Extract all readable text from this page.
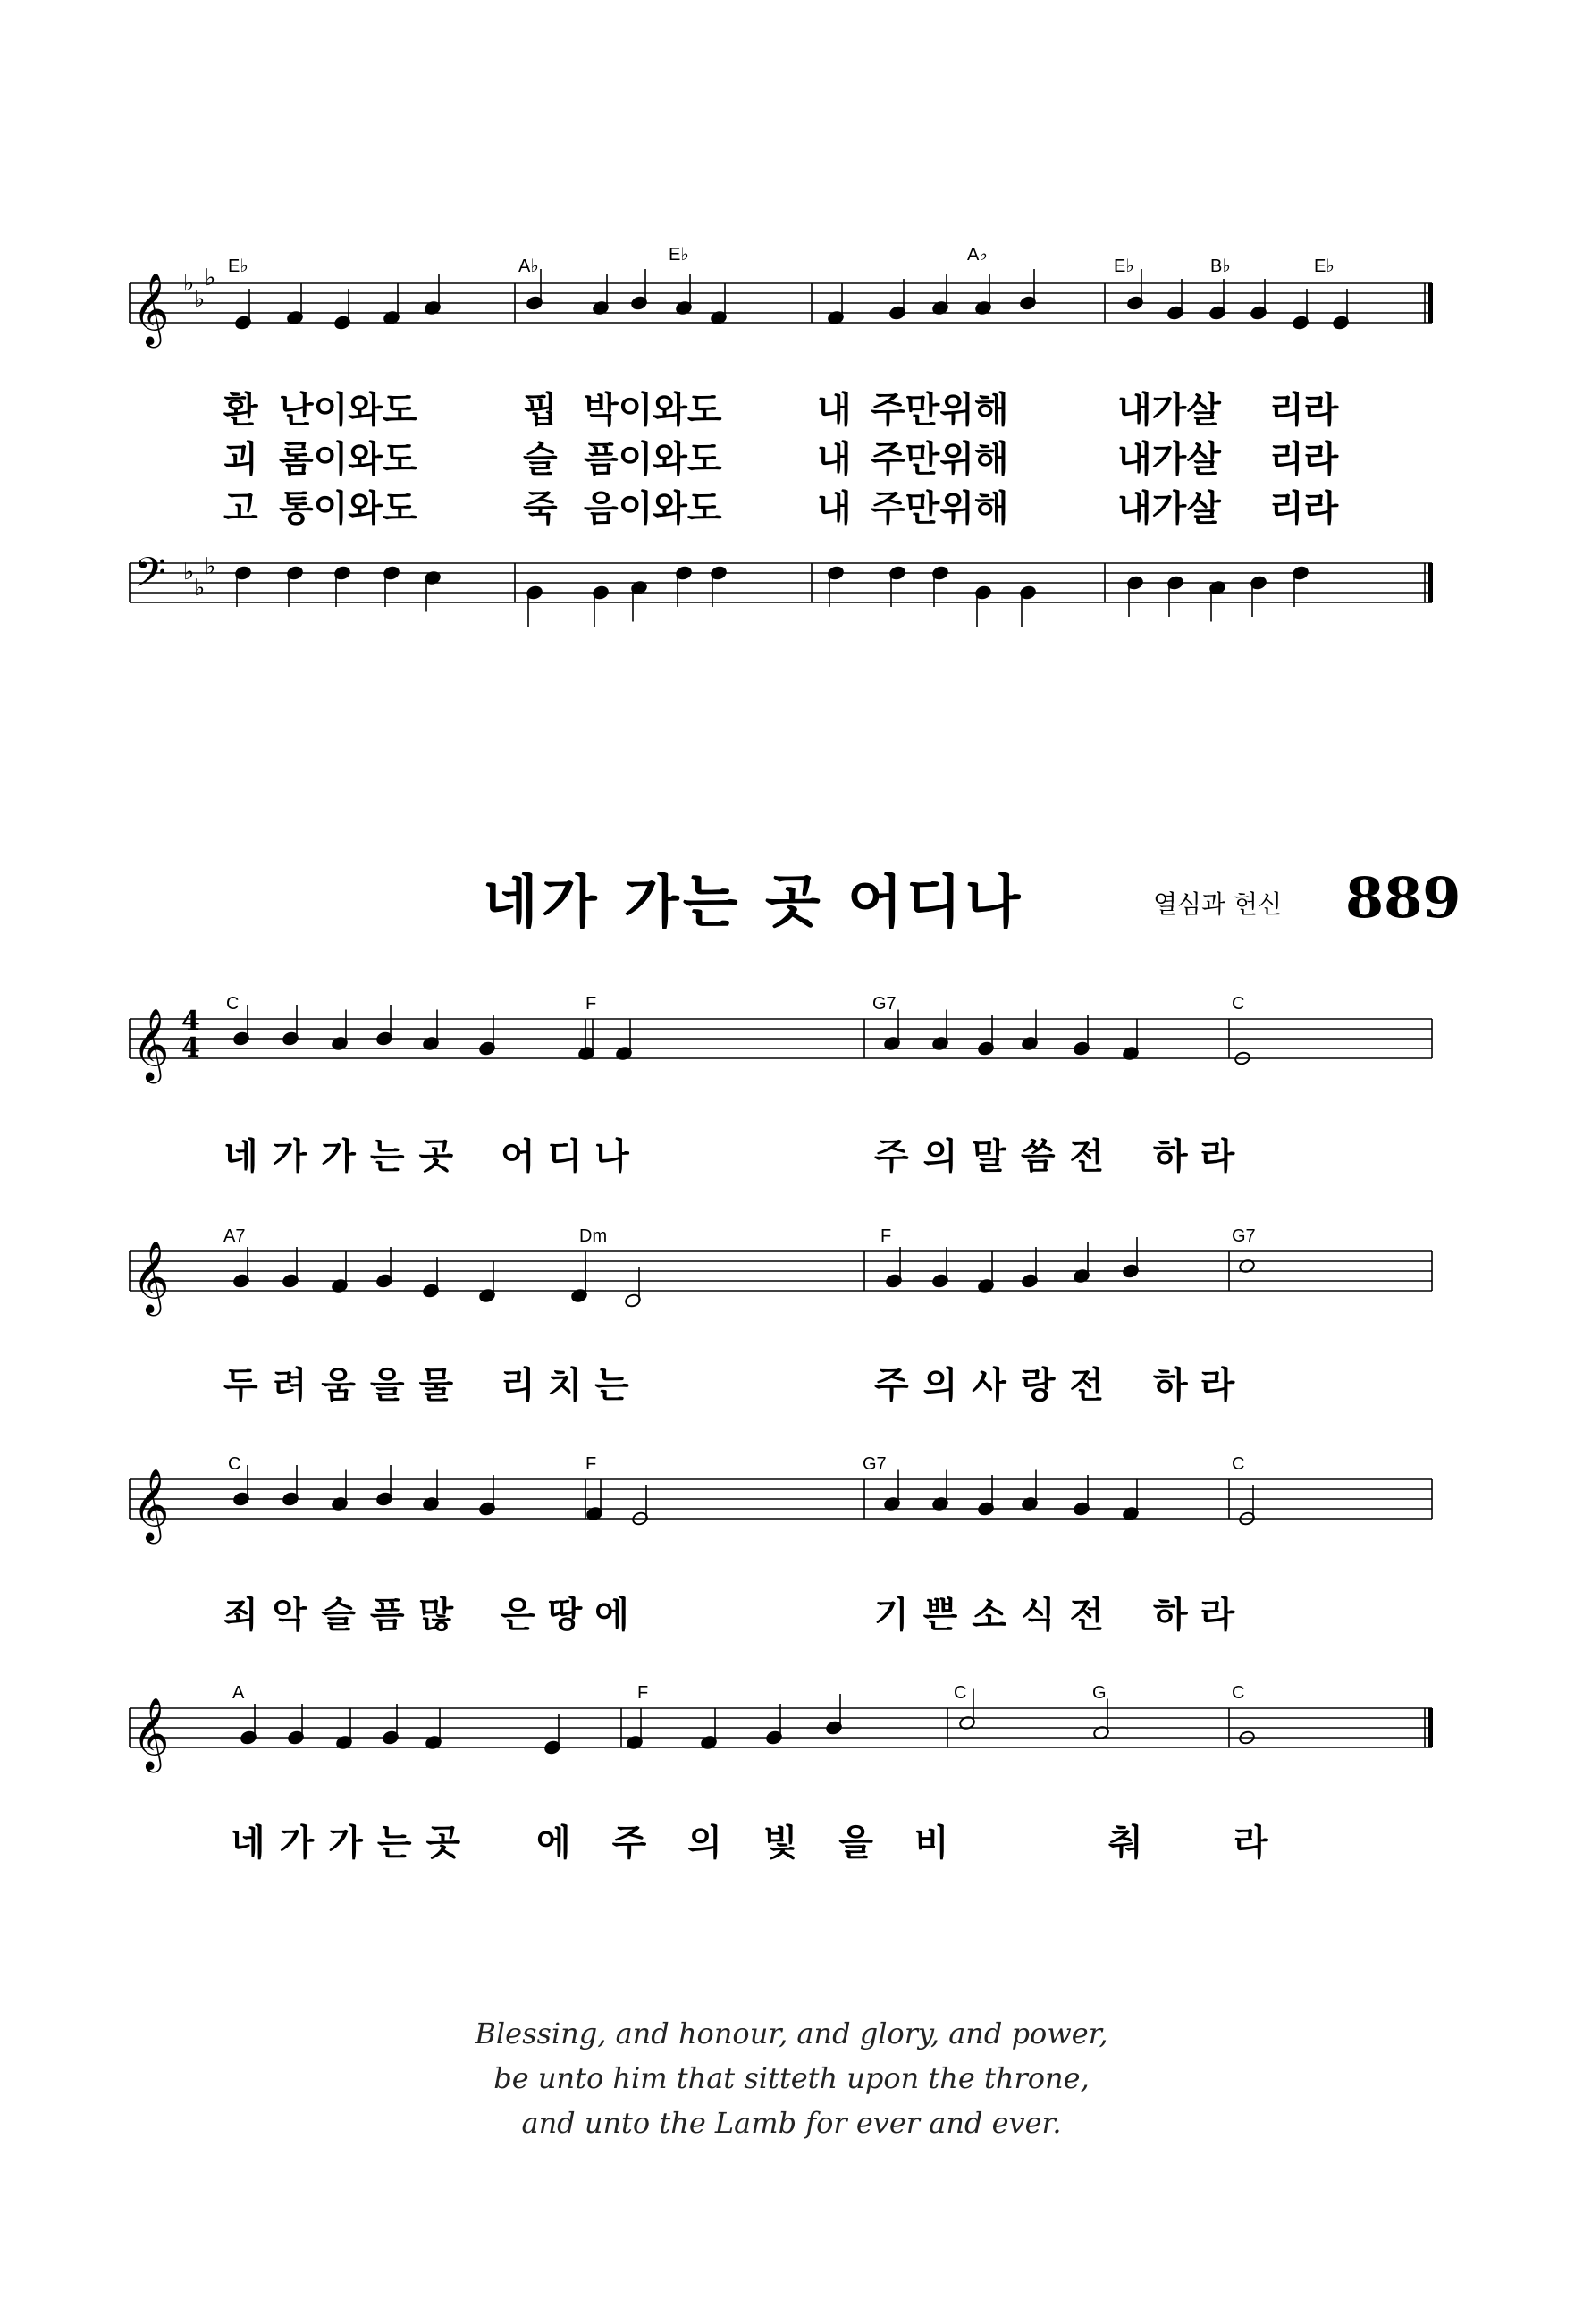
𝄞 ♭
♭
♭
𝄢 ♭
♭
♭
𝄞
𝄞
𝄞
𝄞
E♭	A♭
E♭	A♭
E♭	B♭	E♭
환 난이와도	핍 박이와도	내 주만위해	내가살 리라
괴 롬이와도	슬 픔이와도	내 주만위해	내가살 리라
고 통이와도	죽 음이와도	내 주만위해	내가살 리라
네가 가는 곳 어디나	열심과 헌신 889
4
4
C	F	G7	C
A7	Dm	F	G7
C	F	G7	C
A	F	C	G	C
네가가는곳 어 디 나	주의말씀전 하 라
두려움을물 리 치 는	주의사랑전 하 라
죄악슬픔많 은 땅 에	기쁜소식전 하 라
네가가는곳 에 주 의 빛 을 비	춰	라
Blessing, and honour, and glory, and power,
be unto him that sitteth upon the throne,
and unto the Lamb for ever and ever.
